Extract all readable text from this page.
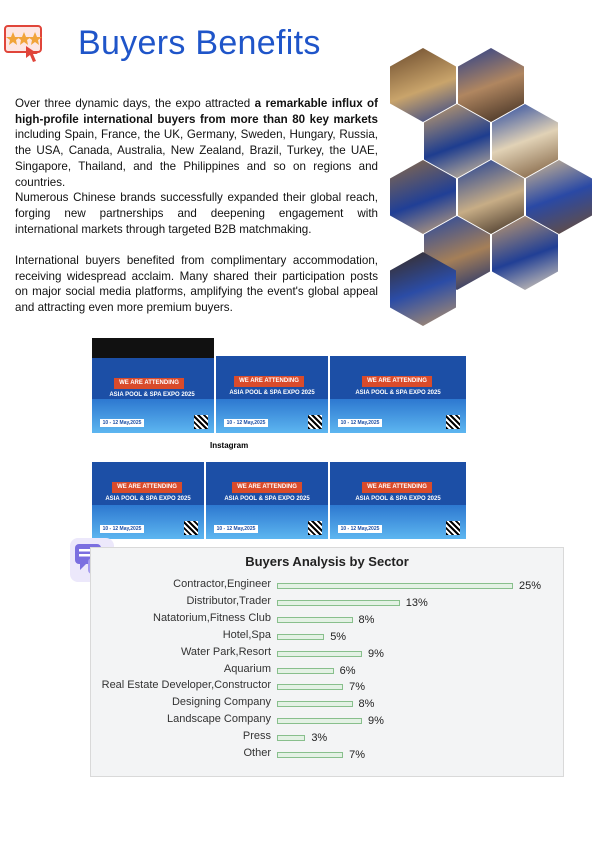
Buyers Benefits

Over three dynamic days, the expo attracted a remarkable influx of high-profile international buyers from more than 80 key markets including Spain, France, the UK, Germany, Sweden, Hungary, Russia, the USA, Canada, Australia, New Zealand, Brazil, Turkey, the UAE, Singapore, Thailand, and the Philippines and so on regions and countries.

Numerous Chinese brands successfully expanded their global reach, forging new partnerships and deepening engagement with international markets through targeted B2B matchmaking.

International buyers benefited from complimentary accommodation, receiving widespread acclaim. Many shared their participation posts on major social media platforms, amplifying the event's global appeal and attracting even more premium buyers.

WE ARE ATTENDING
ASIA POOL & SPA EXPO 2025
10 - 12 May,2025
WE ARE ATTENDING
ASIA POOL & SPA EXPO 2025
10 - 12 May,2025
WE ARE ATTENDING
ASIA POOL & SPA EXPO 2025
10 - 12 May,2025
WE ARE ATTENDING
ASIA POOL & SPA EXPO 2025
10 - 12 May,2025
Instagram
WE ARE ATTENDING
ASIA POOL & SPA EXPO 2025
10 - 12 May,2025
WE ARE ATTENDING
ASIA POOL & SPA EXPO 2025
10 - 12 May,2025
Buyers Analysis by Sector
Contractor,Engineer	25%
Distributor,Trader	13%
Natatorium,Fitness Club	8%
Hotel,Spa	5%
Water Park,Resort	9%
Aquarium	6%
Real Estate Developer,Constructor	7%
Designing Company	8%
Landscape Company	9%
Press	3%
Other	7%
